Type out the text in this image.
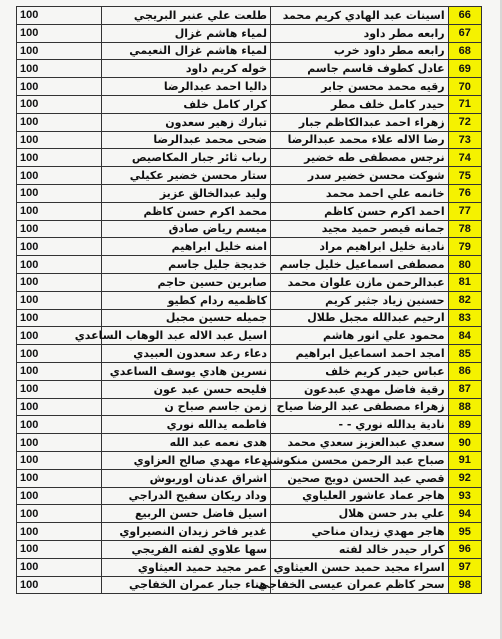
100	طلعت علي عنبر البريجي	اسينات عبد الهادي كريم محمد	66
100	لمياء هاشم غزال	رابعه مطر داود	67
100	لمياء هاشم غزال النعيمي	رابعه مطر داود خرب	68
100	خوله كريم داود	عادل كطوف قاسم جاسم	69
100	داليا احمد عبدالرضا	رقيه محمد محسن جابر	70
100	كرار كامل خلف	حيدر كامل خلف مطر	71
100	تبارك زهير سعدون	زهراء احمد عبدالكاظم جبار	72
100	ضحى محمد عبدالرضا	رضا الاله علاء محمد عبدالرضا	73
100	رباب ثائر جبار المكاصيص	نرجس مصطفى طه خضير	74
100	ستار محسن خضير عكيلي	شوكت محسن خضير سدر	75
100	وليد عبدالخالق عزيز	خانمه علي احمد محمد	76
100	محمد اكرم حسن كاظم	احمد اكرم حسن كاظم	77
100	ميسم رياض صادق	جمانه قيصر حميد مجيد	78
100	امنه خليل ابراهيم	نادية خليل ابراهيم مراد	79
100	خديجة جليل جاسم	مصطفى اسماعيل خليل جاسم	80
100	صابرين حسين حاجم	عبدالرحمن مازن علوان محمد	81
100	كاظميه ردام كطيو	حسنين زياد جثير كريم	82
100	جميله حسين مجبل	ارحيم عبدالله مجبل طلال	83
100	اسيل عبد الاله عبد الوهاب الساعدي	محمود علي انور هاشم	84
100	دعاء رعد سعدون العبيدي	امجد احمد اسماعيل ابراهيم	85
100	نسرين هادي يوسف الساعدي	عباس حيدر كريم خلف	86
100	فليحه حسن عبد عون	رقية فاضل مهدي عبدعون	87
100	زمن جاسم صباح ن	زهراء مصطفى عبد الرضا صياح	88
100	فاطمه يدالله نوري	نادية يدالله نوري - -	89
100	هدى نعمه عبد الله	سعدي عبدالعزيز سعدي محمد	90
100	دعاء مهدي صالح العزاوي	صباح عبد الرحمن محسن منكوشي	91
100	اشراق عدنان اوربوش	قصي عبد الحسن دويج صحين	92
100	وداد ريكان سفيح الدراجي	هاجر عماد عاشور العلياوي	93
100	اسيل فاضل حسن الربيع	علي بدر حسن هلال	94
100	غدير فاخر زيدان النصيراوي	هاجر مهدي زيدان مناحي	95
100	سها علاوي لفته الفريجي	كرار حيدر خالد لفته	96
100	عمر مجيد حميد العيثاوي	اسراء مجيد حميد حسن العيثاوي	97
100	هناء جبار عمران الخفاجي	سحر كاظم عمران عيسى الخفاجي	98
